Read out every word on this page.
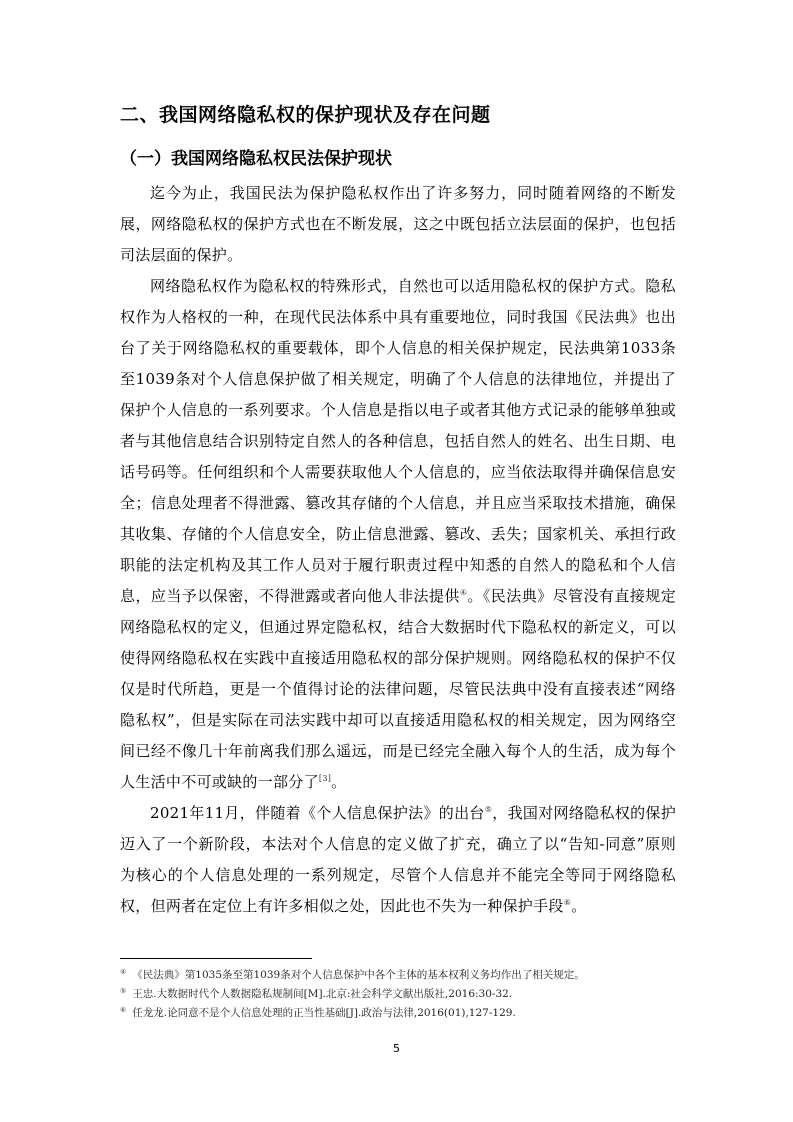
二、我国网络隐私权的保护现状及存在问题
（一）我国网络隐私权民法保护现状

迄今为止，我国民法为保护隐私权作出了许多努力，同时随着网络的不断发展，网络隐私权的保护方式也在不断发展，这之中既包括立法层面的保护，也包括司法层面的保护。

网络隐私权作为隐私权的特殊形式，自然也可以适用隐私权的保护方式。隐私权作为人格权的一种，在现代民法体系中具有重要地位，同时我国《民法典》也出台了关于网络隐私权的重要载体，即个人信息的相关保护规定，民法典第1033条至1039条对个人信息保护做了相关规定，明确了个人信息的法律地位，并提出了保护个人信息的一系列要求。个人信息是指以电子或者其他方式记录的能够单独或者与其他信息结合识别特定自然人的各种信息，包括自然人的姓名、出生日期、电话号码等。任何组织和个人需要获取他人个人信息的，应当依法取得并确保信息安全；信息处理者不得泄露、篡改其存储的个人信息，并且应当采取技术措施，确保其收集、存储的个人信息安全，防止信息泄露、篡改、丢失；国家机关、承担行政职能的法定机构及其工作人员对于履行职责过程中知悉的自然人的隐私和个人信息，应当予以保密，不得泄露或者向他人非法提供④。《民法典》尽管没有直接规定网络隐私权的定义，但通过界定隐私权，结合大数据时代下隐私权的新定义，可以使得网络隐私权在实践中直接适用隐私权的部分保护规则。网络隐私权的保护不仅仅是时代所趋，更是一个值得讨论的法律问题，尽管民法典中没有直接表述“网络隐私权”，但是实际在司法实践中却可以直接适用隐私权的相关规定，因为网络空间已经不像几十年前离我们那么遥远，而是已经完全融入每个人的生活，成为每个人生活中不可或缺的一部分了[3]。

2021年11月，伴随着《个人信息保护法》的出台⑤，我国对网络隐私权的保护迈入了一个新阶段，本法对个人信息的定义做了扩充，确立了以“告知-同意”原则为核心的个人信息处理的一系列规定，尽管个人信息并不能完全等同于网络隐私权，但两者在定位上有许多相似之处，因此也不失为一种保护手段⑥。

④ 《民法典》第1035条至第1039条对个人信息保护中各个主体的基本权利义务均作出了相关规定。

⑤ 王忠.大数据时代个人数据隐私规制间[M].北京:社会科学文献出版社,2016:30-32.

⑥ 任龙龙.论同意不是个人信息处理的正当性基础[J].政治与法律,2016(01),127-129.

5
